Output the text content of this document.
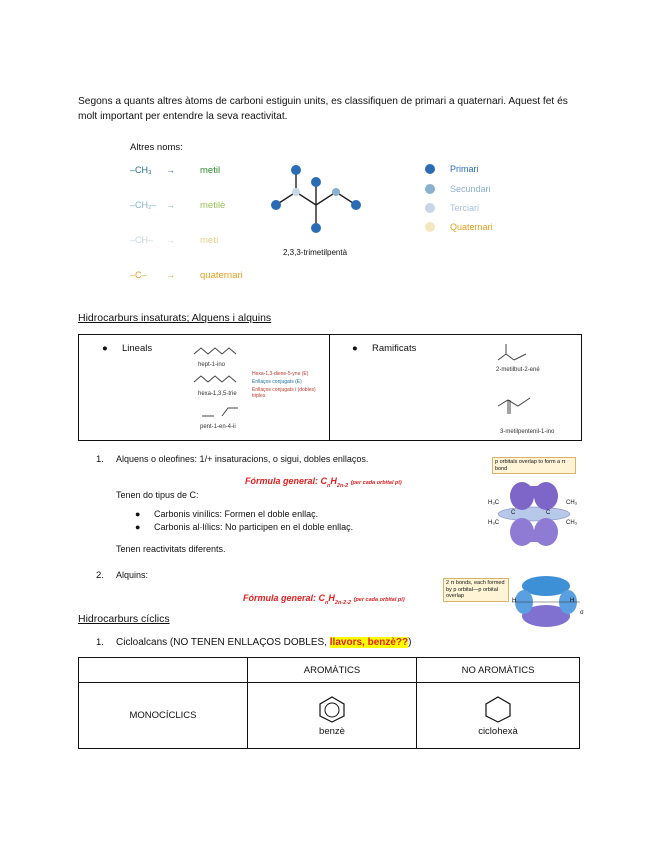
Segons a quants altres àtoms de carboni estiguin units, es classifiquen de primari a quaternari. Aquest fet és molt important per entendre la seva reactivitat.
Altres noms:
–CH₃ →	metil
–CH₂– →	metilè
–CH– →	metí
–C– →	quaternari
2,3,3-trimetilpentà
Primari
Secundari
Terciari
Quaternari
Hidrocarburs insaturats; Alquens i alquins
● Lineals
hept-1-ino
hexa-1,3,5-trie
pent-1-en-4-ii
Hexa-1,3-diene-5-yne (E)
Enllaços conjugats (E)
Enllaços conjugats i (dobles) triples
● Ramificats
2-metilbut-2-ené
3-metilpentenil-1-ino
1. Alquens o oleofines: 1/+ insaturacions, o sigui, dobles enllaços.
Fórmula general: $C_nH_{2n-2}$ (per cada orbital pi)
Tenen do tipus de C:
● Carbonis vinílics: Formen el doble enllaç.
● Carbonis al·lílics: No participen en el doble enllaç.
Tenen reactivitats diferents.
p orbitals overlap to form a π bond
H₃C	CH₃
H₃C	CH₃
C	C
2. Alquins:
Fórmula general: $C_nH_{2n-2-2}$ (per cada orbital pi)
2 π bonds, each formed by p orbital—p orbital overlap
H	H
σ
Hidrocarburs cíclics
1. Cicloalcans (NO TENEN ENLLAÇOS DOBLES, llavors, benzè??)
	AROMÀTICS	NO AROMÀTICS
MONOCÍCLICS	benzè	ciclohexà
